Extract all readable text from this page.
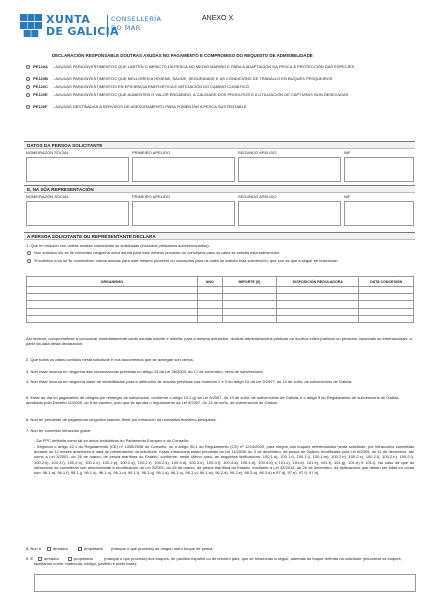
XUNTA
DE GALICIA
CONSELLERÍA
DO MAR
ANEXO X
DECLARACIÓN RESPONSABLE DOUTRAS AXUDAS NO PAGAMENTO E COMPROMISO DO REQUISITO DE ADMISIBILIDADE
PE120A - AXUDAS PARA INVESTIMENTOS QUE LIMITEN O IMPACTO DA PESCA NO MEDIO MARIÑO E PARA A ADAPTACIÓN DA PESCA Á PROTECCIÓN DAS ESPECIES
PE120B - AXUDAS PARA INVESTIMENTOS QUE MELLOREN A HIXIENE, SAÚDE, SEGURIDADE E AS CONDICIÓNS DE TRABALLO EN BUQUES PESQUEIROS
PE120C - AXUDAS PARA INVESTIMENTOS EN EFICIENCIA ENERXÉTICA E MITIGACIÓN DO CAMBIO CLIMÁTICO
PE120E - AXUDAS PARA INVESTIMENTOS QUE AUMENTEN O VALOR ENGADIDO, A CALIDADE DOS PRODUTOS E A UTILIZACIÓN DE CAPTURAS NON DESEXADAS
PE120F - AXUDAS DESTINADAS A SERVIZOS DE ASESORAMENTO PARA FOMENTAR A PESCA SUSTENTABLE
DATOS DA PERSOA SOLICITANTE
NOME/RAZÓN SOCIAL	PRIMEIRO APELIDO	SEGUNDO APELIDO	NIF
E, NA SÚA REPRESENTACIÓN
NOME/RAZÓN SOCIAL	PRIMEIRO APELIDO	SEGUNDO APELIDO	NIF
A PERSOA SOLICITANTE OU REPRESENTANTE DECLARA
1. Que en relación con outras axudas concedidas ou solicitadas (incluídos préstamos subvencionados):
Non solicitou nin se lle concedeu ningunha outra axuda para este mesmo proxecto ou conceptos para os cales se solicita esta subvención.
Si solicitou e/ou se lle concederon outras axudas para este mesmo proxecto ou conceptos para os cales se solicita esta subvención, que son as que a seguir se relacionan:
ORGANISMO	ANO	IMPORTE (€)	DISPOSICIÓN REGULADORA	DATA CONCESIÓN

Así mesmo, comprométese a comunicar inmediatamente canto axudas solicite e obteña, para a mesma actuación, doutras administracións públicas ou doutros entes públicos ou privados, nacionais ou internacionais, a partir da data desta declaración.
2. Que todos os datos contidos nesta solicitude e nos documentos que se achegan son certos.
3. Non estar incursa en ningunha das circunstancias previstas no artigo 13 da Lei 38/2003, do 17 de novembro, xeral de subvencións.
4. Non estar incursa en ningunha clase de inhabilitación para a obtención de axudas previstas nos números 2 e 3 do artigo 10 da Lei 9/2007, do 13 de xuño, de subvencións de Galicia.
5. Estar ao día no pagamento de obrigas por reintegro de subvención, conforme o artigo 10.2.g) da Lei 9/2007, do 13 de xuño, de subvencións de Galicia, e o artigo 9 do Regulamento de subvencións de Galicia, aprobado polo Decreto 11/2009, do 8 de xaneiro, polo que se aproba o regulamento da Lei 9/2007, do 13 de xuño, de subvencións de Galicia.
6. Non ter pendente de pagamento ningunha sanción firme por infracción da normativa marítimo-pesqueira.
7. Non ter cometido infracción grave:
- Da PPC definida como tal en actos lexislativos do Parlamento Europeo e do Consello;
- Segundo o artigo 42.1 do Regulamento (CE) nº 1005/2008 do Consello, ou o artigo 90.1 do Regulamento (CE) nº 1224/2009, para ningún dos buques referenciados nesta solicitude, por infraccións cometidas durante os 12 meses anteriores á data de presentación da solicitude. Estas infraccións están previstas na Lei 11/2008, do 3 de decembro, de pesca de Galicia, modificada pola Lei 6/2009, do 11 de decembro, así como a Lei 3/2001, do 26 de marzo, de pesca marítima do Estado, conforme, neste último caso, as seguintes tipificacións: 100.1.a), 100.1.f), 100.1.i), 100.1.m), 100.2.b), 100.2.c), 100.2.f), 100.2.h), 100.2.i), 100.2.k), 100.2.l), 100.2.n), 100.2.o), 100.2.p), 100.2.q), 100.2.r), 100.2.s), 100.3.d), 100.3.e), 100.3.f), 100.4.a), 100.4.b), 100.4.d) e 101.c), 101.d), 101.e), 101.f), 101.g), 101.h) e 101.i). No caso de que as infraccións se cometeran con anterioridade á modificación da Lei 3/2001, do 26 de marzo, de pesca marítima do Estado, mediante a Lei 33/2014, do 26 de decembro, as tipificacións que deben ser tidas en conta son: 96.1.a), 96.1.f), 96.1.j), 96.1.k), 96.1.n), 96.1.o), 96.1.f), 96.1.q), 96.1.s), 96.1.u), 96.1.v), 96.1.w), 96.2.d), 96.2.e), 96.3.a), 96.3.d) e 97.d), 97.e), 97.f), 97.h).
8. Non é	armador	propietario (marque o que proceda) de ningún outro buque de pesca.
9. É	armador	propietario	(marque o que proceda) dos buques, de pavillón español ou de terceiro país, que se relacionan a seguir, ademais do buque referido na solicitude (enumerar os buques, facilitando nome, matrícula, código, pavillón e porto base):
